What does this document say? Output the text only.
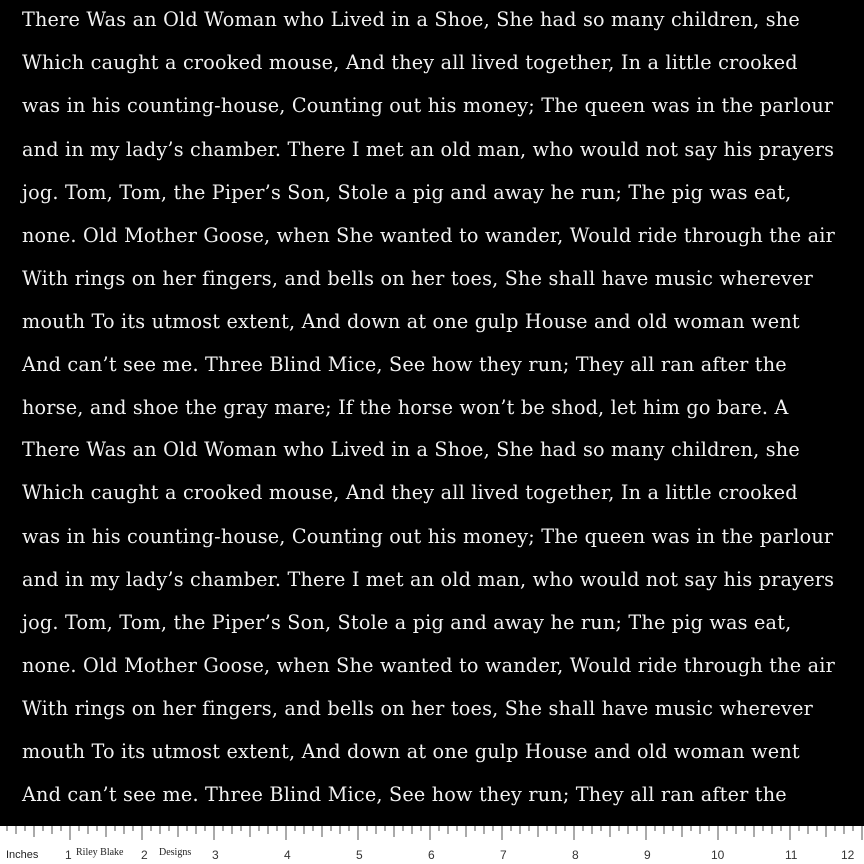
There Was an Old Woman who Lived in a Shoe, She had so many children, she
Which caught a crooked mouse, And they all lived together, In a little crooked
was in his counting-house, Counting out his money; The queen was in the parlour
and in my lady’s chamber. There I met an old man, who would not say his prayers
jog. Tom, Tom, the Piper’s Son, Stole a pig and away he run; The pig was eat,
none. Old Mother Goose, when She wanted to wander, Would ride through the air
With rings on her fingers, and bells on her toes, She shall have music wherever
mouth To its utmost extent, And down at one gulp House and old woman went
And can’t see me. Three Blind Mice, See how they run; They all ran after the
horse, and shoe the gray mare; If the horse won’t be shod, let him go bare. A
There Was an Old Woman who Lived in a Shoe, She had so many children, she
Which caught a crooked mouse, And they all lived together, In a little crooked
was in his counting-house, Counting out his money; The queen was in the parlour
and in my lady’s chamber. There I met an old man, who would not say his prayers
jog. Tom, Tom, the Piper’s Son, Stole a pig and away he run; The pig was eat,
none. Old Mother Goose, when She wanted to wander, Would ride through the air
With rings on her fingers, and bells on her toes, She shall have music wherever
mouth To its utmost extent, And down at one gulp House and old woman went
And can’t see me. Three Blind Mice, See how they run; They all ran after the
Inches	Riley Blake	Designs
1	2	3	4	5	6	7	8	9	10	11	12
